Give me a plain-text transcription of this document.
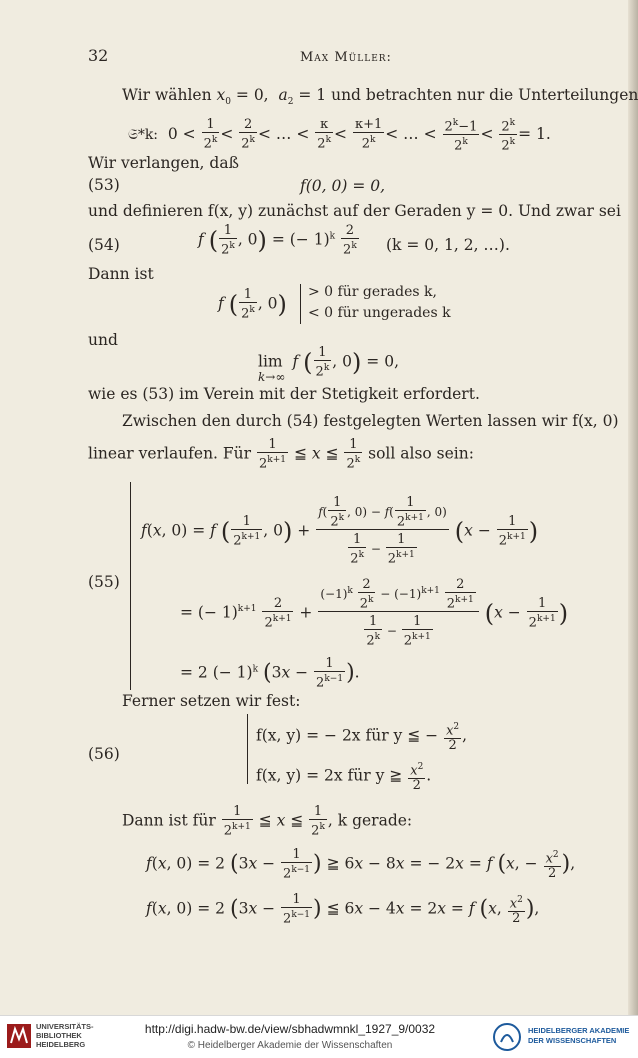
32	Max Müller:
Wir wählen $x_0 = 0$,  $a_2 = 1$ und betrachten nur die Unterteilungen
𝔖*k:  $0 < \frac{1}{2^k} < \frac{2}{2^k}$ < … < $\frac{\kappa}{2^k} < \frac{\kappa+1}{2^k}$ < … < $\frac{2^k-1}{2^k} < \frac{2^k}{2^k} = 1$.
Wir verlangen, daß
(53)	f(0, 0) = 0,
und definieren f(x, y) zunächst auf der Geraden y = 0. Und zwar sei
(54)	f ( $\frac{1}{2^k}$ , 0) = (− $1)^k \frac{2}{2^k} (k = 0$, 1, 2, …).
Dann ist
f ( $\frac{1}{2^k}$ , 0) > 0 für gerades k,
< 0 für ungerades k
und
lim  f ( $\frac{1}{2^k}$ , 0) = 0,
k→∞
wie es (53) im Verein mit der Stetigkeit erfordert.
Zwischen den durch (54) festgelegten Werten lassen wir f(x, 0)
linear verlaufen. Für $\frac{1}{2^{k+1}}$ ≦ x ≦ $\frac{1}{2^k}$ soll also sein:
(55)
f(x, 0) = f ( $\frac{1}{2^{k+1}}$ , $0) + \frac{f( \frac{1}{2^k} , 0) - f( \frac{1}{2^{k+1}} , 0)}{\frac{1}{2^k} - \frac{1}{2^{k+1}}} (x - \frac{1}{2^{k+1}}$ )
= (− $1)^{k+1} \frac{2}{2^{k+1}} + \frac{(-1)^k \frac{2}{2^k} - (-1)^{k+1} \frac{2}{2^{k+1}}}{\frac{1}{2^k} - \frac{1}{2^{k+1}}} (x - \frac{1}{2^{k+1}}$ )
= 2 (− 1)$^k$ ($3x - \frac{1}{2^{k-1}}$ ).
Ferner setzen wir fest:
(56)
f(x, y) = − 2x für y ≦ − $\frac{x^2}{2}$ ,
f(x, y) = 2x für y ≧ $\frac{x^2}{2}$ .
Dann ist für $\frac{1}{2^{k+1}}$ ≦ x ≦ $\frac{1}{2^k}$ , k gerade:
f(x, 0) = 2 ($3x - \frac{1}{2^{k-1}}$ ) ≧ 6x − 8x = − 2x = f (x, − $\frac{x^2}{2}$ ),
f(x, 0) = 2 ($3x - \frac{1}{2^{k-1}}$ ) ≦ 6x − 4x = 2x = f (x, $\frac{x^2}{2}$ ),
UNIVERSITÄTS-
BIBLIOTHEK
HEIDELBERG
http://digi.hadw-bw.de/view/sbhadwmnkl_1927_9/0032
© Heidelberger Akademie der Wissenschaften
HEIDELBERGER AKADEMIE
DER WISSENSCHAFTEN
